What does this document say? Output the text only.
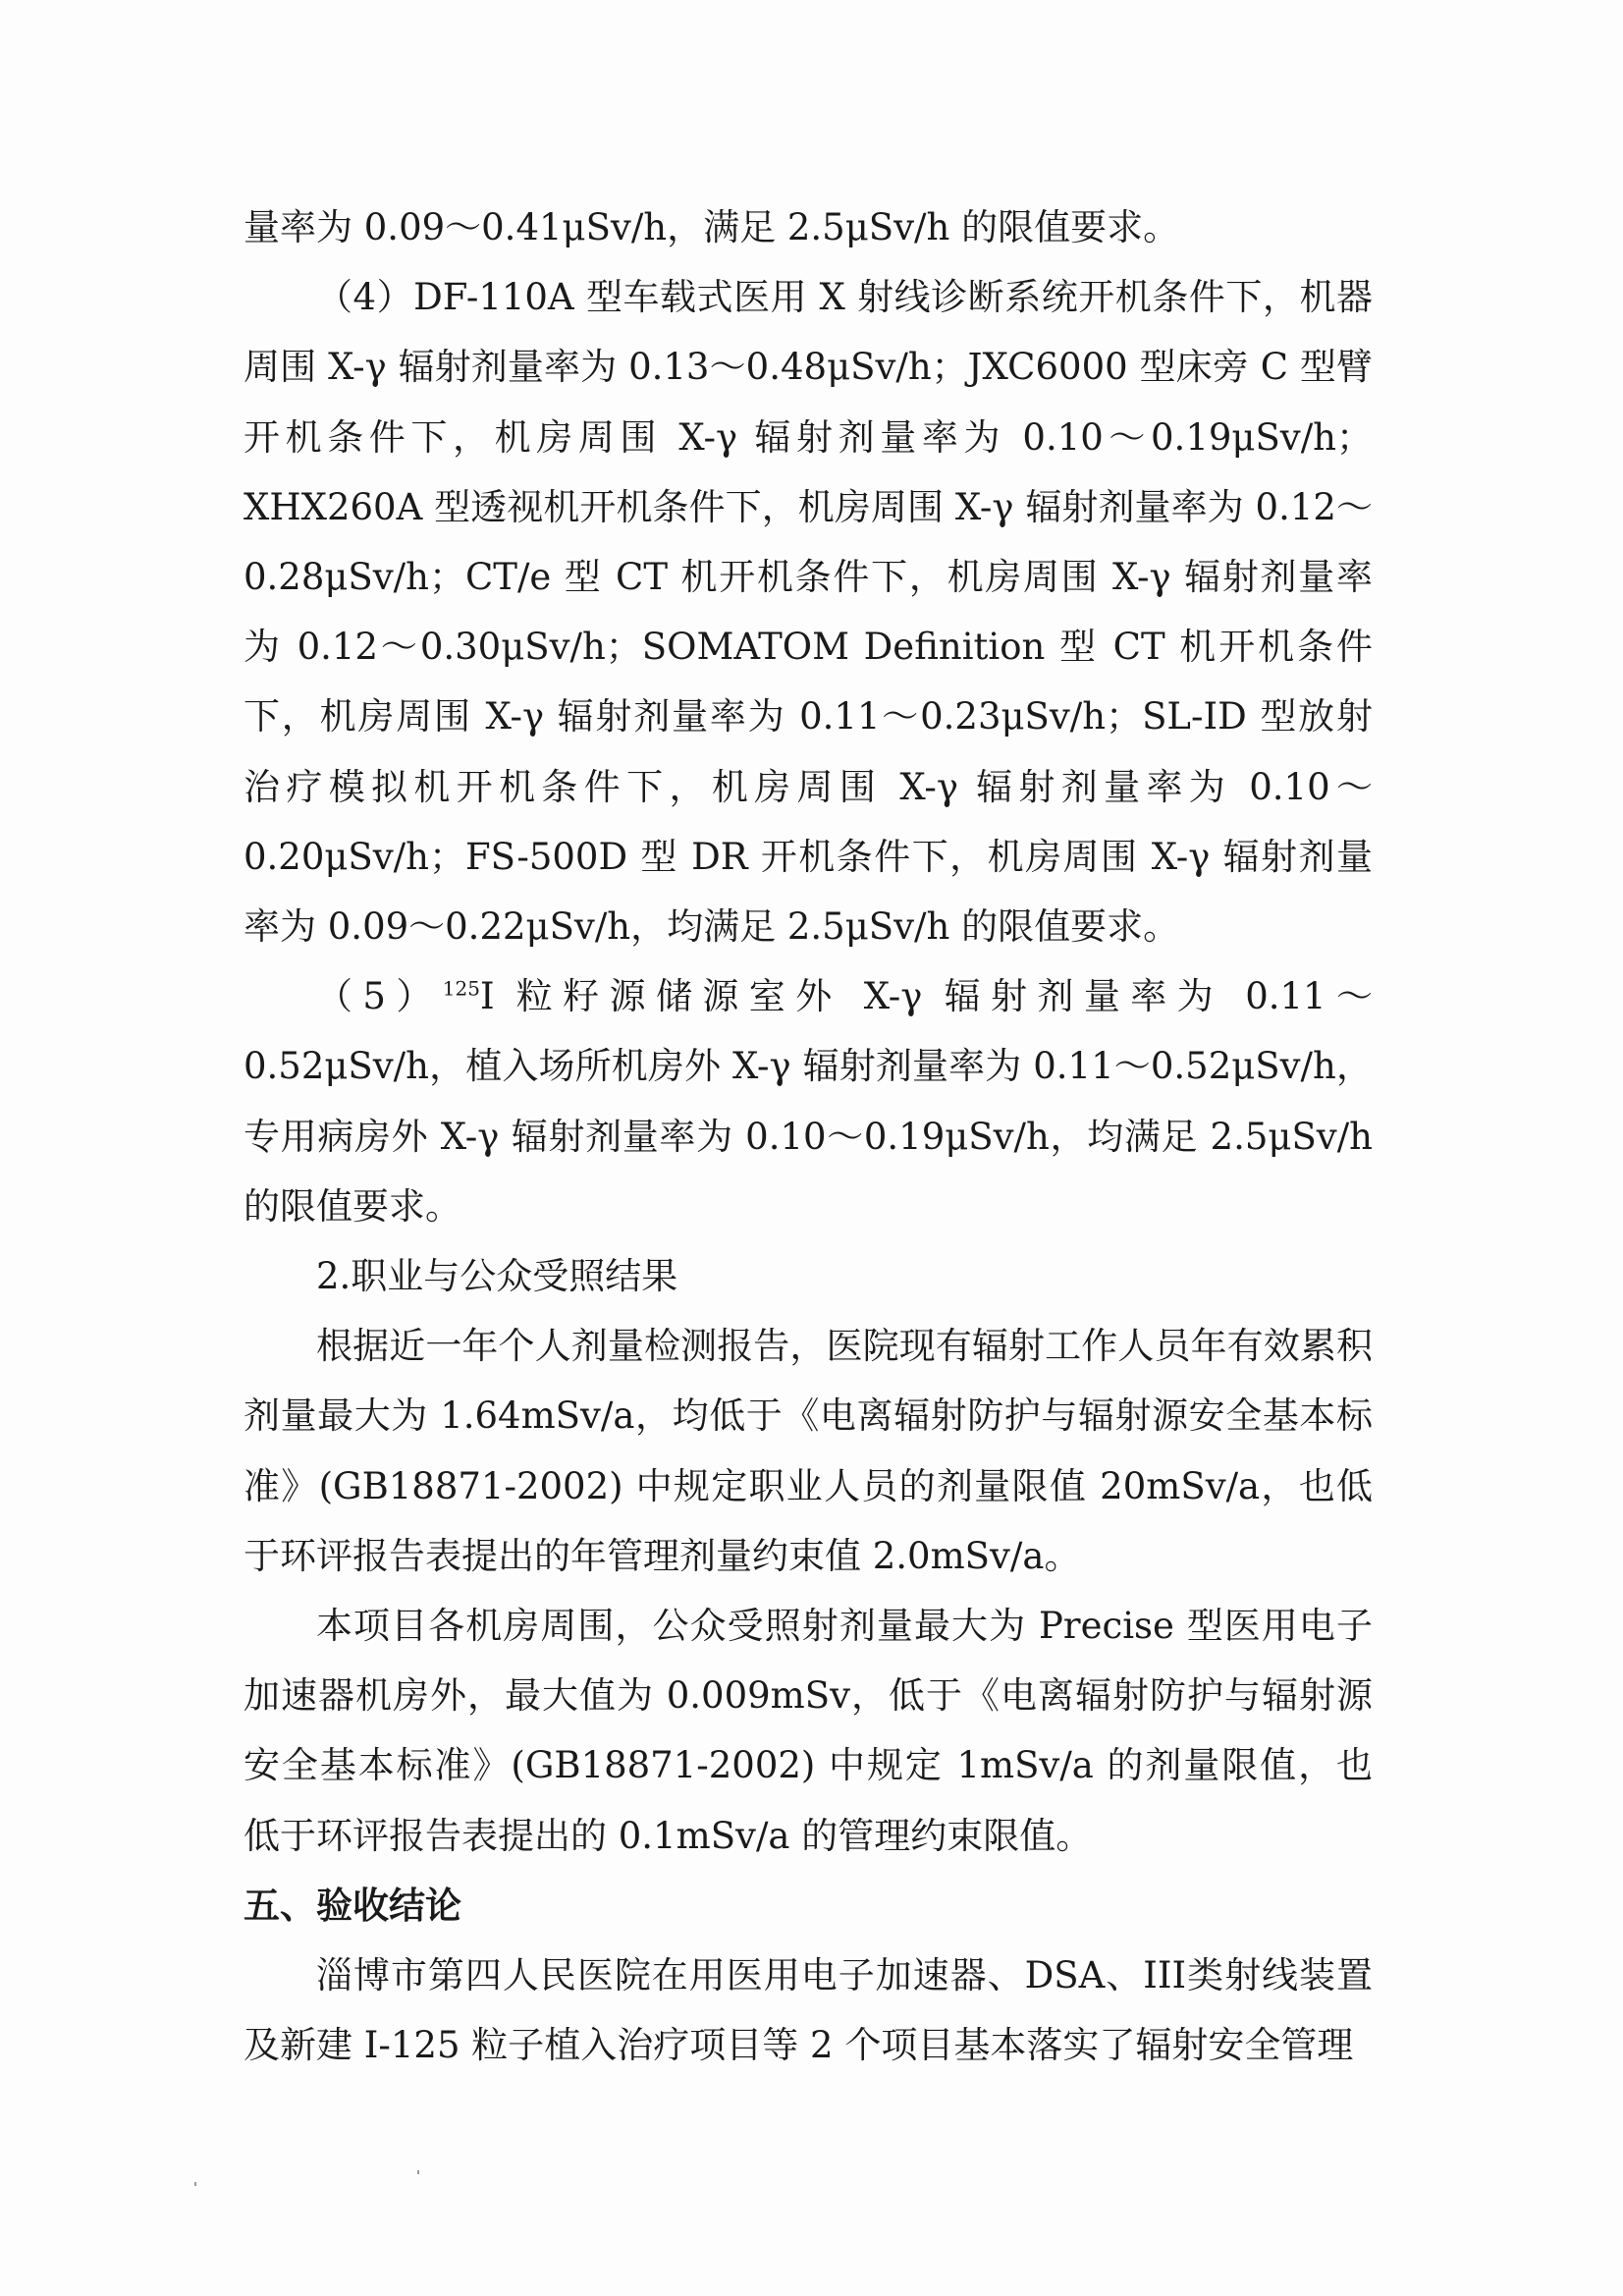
量率为 0.09～0.41μSv/h，满足 2.5μSv/h 的限值要求。

（4）DF-110A 型车载式医用 X 射线诊断系统开机条件下，机器周围 X-γ 辐射剂量率为 0.13～0.48μSv/h；JXC6000 型床旁 C 型臂开机条件下，机房周围 X-γ 辐射剂量率为 0.10～0.19μSv/h；XHX260A 型透视机开机条件下，机房周围 X-γ 辐射剂量率为 0.12～0.28μSv/h；CT/e 型 CT 机开机条件下，机房周围 X-γ 辐射剂量率为 0.12～0.30μSv/h；SOMATOM Definition 型 CT 机开机条件下，机房周围 X-γ 辐射剂量率为 0.11～0.23μSv/h；SL-ID 型放射治疗模拟机开机条件下，机房周围 X-γ 辐射剂量率为 0.10～0.20μSv/h；FS-500D 型 DR 开机条件下，机房周围 X-γ 辐射剂量率为 0.09～0.22μSv/h，均满足 2.5μSv/h 的限值要求。

$(5)^{125}I$ 粒籽源储源室外 X-γ 辐射剂量率为 0.11～0.52μSv/h，植入场所机房外 X-γ 辐射剂量率为 0.11～0.52μSv/h，专用病房外 X-γ 辐射剂量率为 0.10～0.19μSv/h，均满足 2.5μSv/h 的限值要求。

2.职业与公众受照结果

根据近一年个人剂量检测报告，医院现有辐射工作人员年有效累积剂量最大为 1.64mSv/a，均低于《电离辐射防护与辐射源安全基本标准》(GB18871-2002) 中规定职业人员的剂量限值 20mSv/a，也低于环评报告表提出的年管理剂量约束值 2.0mSv/a。

本项目各机房周围，公众受照射剂量最大为 Precise 型医用电子加速器机房外，最大值为 0.009mSv，低于《电离辐射防护与辐射源安全基本标准》(GB18871-2002) 中规定 1mSv/a 的剂量限值，也低于环评报告表提出的 0.1mSv/a 的管理约束限值。

五、验收结论

淄博市第四人民医院在用医用电子加速器、DSA、III类射线装置及新建 I-125 粒子植入治疗项目等 2 个项目基本落实了辐射安全管理
